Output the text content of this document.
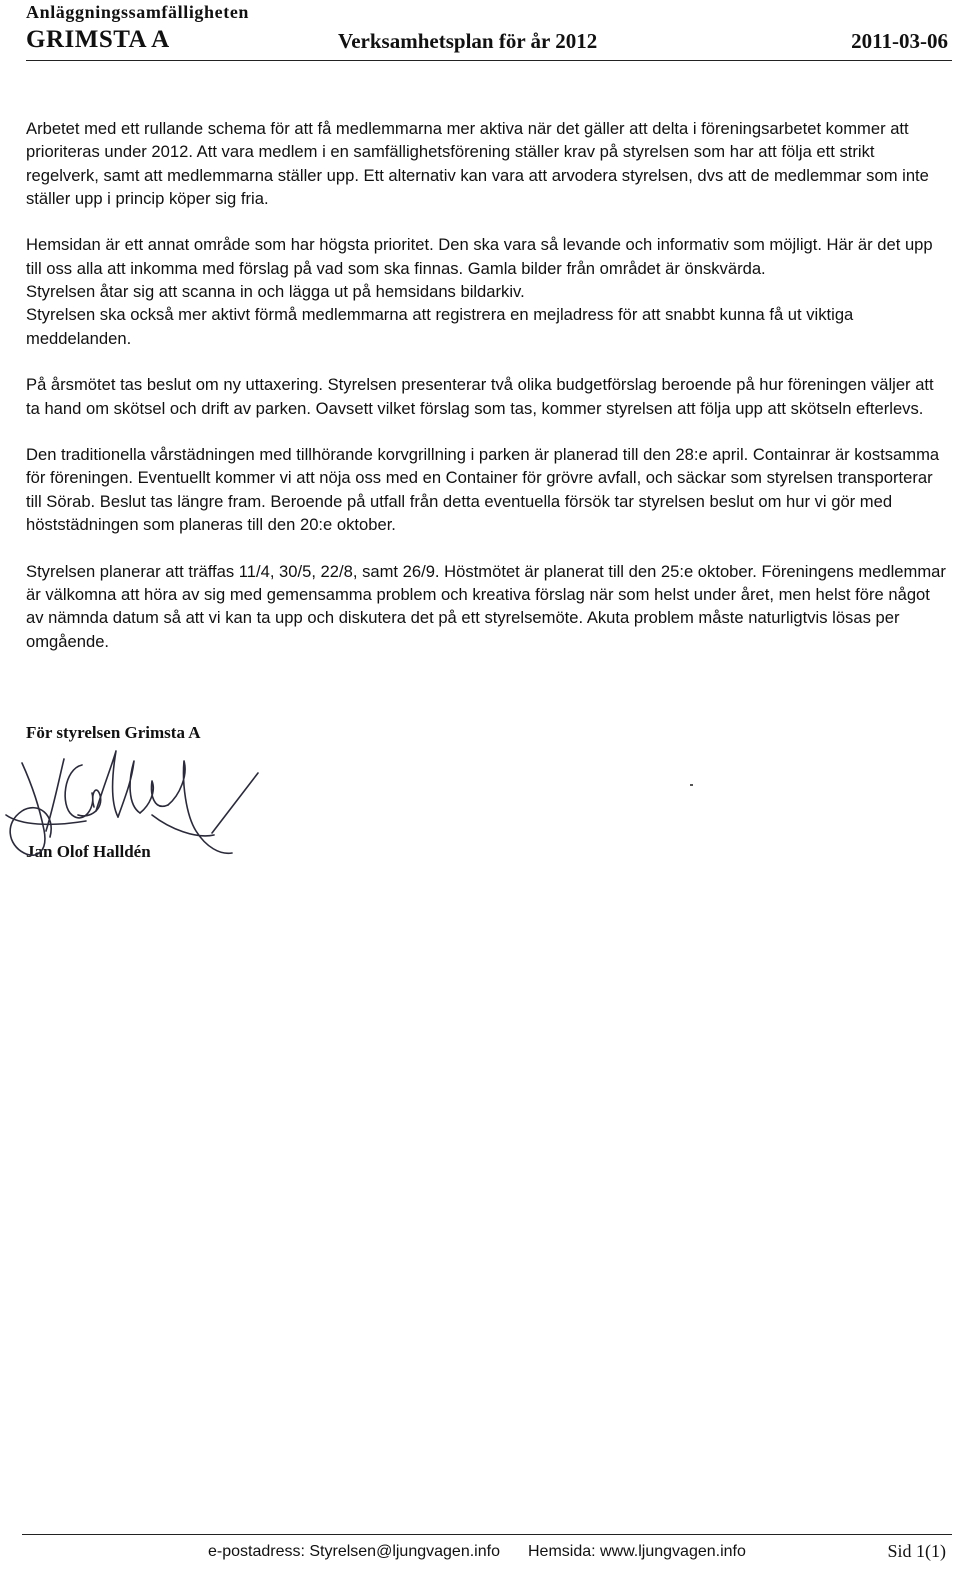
Anläggningssamfälligheten
GRIMSTA A	Verksamhetsplan för år 2012	2011-03-06

Arbetet med ett rullande schema för att få medlemmarna mer aktiva när det gäller att delta i föreningsarbetet kommer att prioriteras under 2012. Att vara medlem i en samfällighetsförening ställer krav på styrelsen som har att följa ett strikt regelverk, samt att medlemmarna ställer upp. Ett alternativ kan vara att arvodera styrelsen, dvs att de medlemmar som inte ställer upp i princip köper sig fria.

Hemsidan är ett annat område som har högsta prioritet. Den ska vara så levande och informativ som möjligt. Här är det upp till oss alla att inkomma med förslag på vad som ska finnas. Gamla bilder från området är önskvärda.
Styrelsen åtar sig att scanna in och lägga ut på hemsidans bildarkiv.
Styrelsen ska också mer aktivt förmå medlemmarna att registrera en mejladress för att snabbt kunna få ut viktiga meddelanden.

På årsmötet tas beslut om ny uttaxering. Styrelsen presenterar två olika budgetförslag beroende på hur föreningen väljer att ta hand om skötsel och drift av parken. Oavsett vilket förslag som tas, kommer styrelsen att följa upp att skötseln efterlevs.

Den traditionella vårstädningen med tillhörande korvgrillning i parken är planerad till den 28:e april. Containrar är kostsamma för föreningen. Eventuellt kommer vi att nöja oss med en Container för grövre avfall, och säckar som styrelsen transporterar till Sörab. Beslut tas längre fram. Beroende på utfall från detta eventuella försök tar styrelsen beslut om hur vi gör med höststädningen som planeras till den 20:e oktober.

Styrelsen planerar att träffas 11/4, 30/5, 22/8, samt 26/9. Höstmötet är planerat till den 25:e oktober. Föreningens medlemmar är välkomna att höra av sig med gemensamma problem och kreativa förslag när som helst under året, men helst före något av nämnda datum så att vi kan ta upp och diskutera det på ett styrelsemöte. Akuta problem måste naturligtvis lösas per omgående.

För styrelsen Grimsta A
Jan Olof Halldén
e-postadress: Styrelsen@ljungvagen.info Hemsida: www.ljungvagen.info	Sid 1(1)
